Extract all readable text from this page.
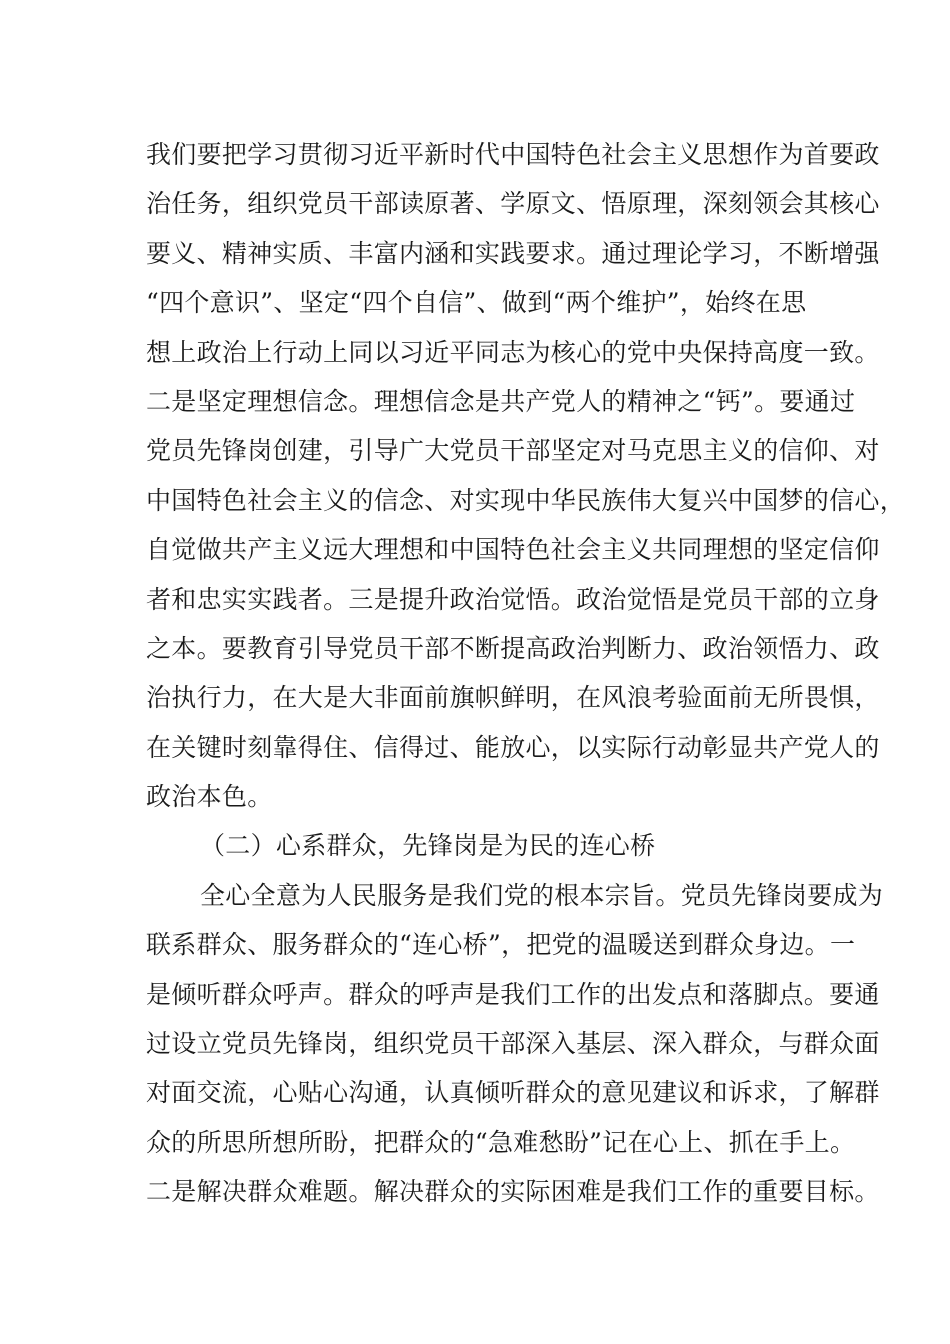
我们要把学习贯彻习近平新时代中国特色社会主义思想作为首要政
治任务，组织党员干部读原著、学原文、悟原理，深刻领会其核心
要义、精神实质、丰富内涵和实践要求。通过理论学习，不断增强
“四个意识”、坚定“四个自信”、做到“两个维护”，始终在思
想上政治上行动上同以习近平同志为核心的党中央保持高度一致。
二是坚定理想信念。理想信念是共产党人的精神之“钙”。要通过
党员先锋岗创建，引导广大党员干部坚定对马克思主义的信仰、对
中国特色社会主义的信念、对实现中华民族伟大复兴中国梦的信心，
自觉做共产主义远大理想和中国特色社会主义共同理想的坚定信仰
者和忠实实践者。三是提升政治觉悟。政治觉悟是党员干部的立身
之本。要教育引导党员干部不断提高政治判断力、政治领悟力、政
治执行力，在大是大非面前旗帜鲜明，在风浪考验面前无所畏惧，
在关键时刻靠得住、信得过、能放心，以实际行动彰显共产党人的
政治本色。
（二）心系群众，先锋岗是为民的连心桥
全心全意为人民服务是我们党的根本宗旨。党员先锋岗要成为
联系群众、服务群众的“连心桥”，把党的温暖送到群众身边。一
是倾听群众呼声。群众的呼声是我们工作的出发点和落脚点。要通
过设立党员先锋岗，组织党员干部深入基层、深入群众，与群众面
对面交流，心贴心沟通，认真倾听群众的意见建议和诉求，了解群
众的所思所想所盼，把群众的“急难愁盼”记在心上、抓在手上。
二是解决群众难题。解决群众的实际困难是我们工作的重要目标。
